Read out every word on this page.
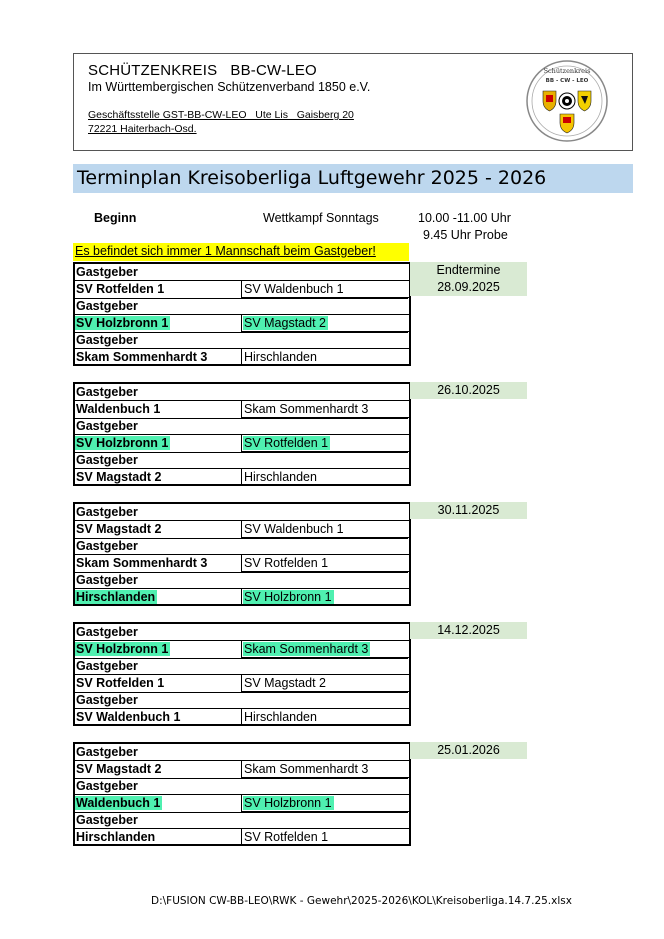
SCHÜTZENKREIS   BB-CW-LEO
Im Württembergischen Schützenverband 1850 e.V.
Geschäftsstelle GST-BB-CW-LEO   Ute Lis   Gaisberg 20
72221 Haiterbach-Osd.
Schützenkreis
BB - CW - LEO
Terminplan Kreisoberliga Luftgewehr 2025 - 2026
Beginn	Wettkampf Sonntags	10.00 -11.00 Uhr
9.45 Uhr Probe
Es befindet sich immer 1 Mannschaft beim Gastgeber!
Endtermine
28.09.2025
Gastgeber
SV Rotfelden 1	SV Waldenbuch 1
Gastgeber
SV Holzbronn 1	SV Magstadt 2
Gastgeber
Skam Sommenhardt 3	Hirschlanden
26.10.2025
Gastgeber
Waldenbuch 1	Skam Sommenhardt 3
Gastgeber
SV Holzbronn 1	SV Rotfelden 1
Gastgeber
SV Magstadt 2	Hirschlanden
30.11.2025
Gastgeber
SV Magstadt 2	SV Waldenbuch 1
Gastgeber
Skam Sommenhardt 3	SV Rotfelden 1
Gastgeber
Hirschlanden	SV Holzbronn 1
14.12.2025
Gastgeber
SV Holzbronn 1	Skam Sommenhardt 3
Gastgeber
SV Rotfelden 1	SV Magstadt 2
Gastgeber
SV Waldenbuch 1	Hirschlanden
25.01.2026
Gastgeber
SV Magstadt 2	Skam Sommenhardt 3
Gastgeber
Waldenbuch 1	SV Holzbronn 1
Gastgeber
Hirschlanden	SV Rotfelden 1
D:\FUSION CW-BB-LEO\RWK - Gewehr\2025-2026\KOL\Kreisoberliga.14.7.25.xlsx
